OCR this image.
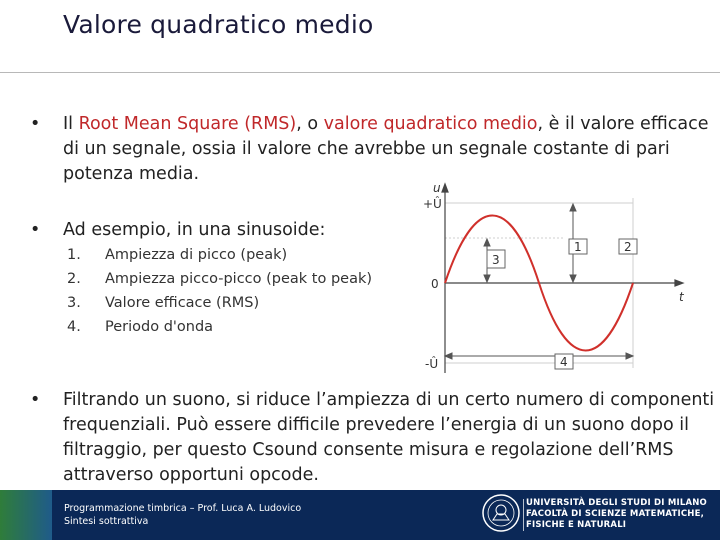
Valore quadratico medio
• Il Root Mean Square (RMS), o valore quadratico medio, è il valore efficace di un segnale, ossia il valore che avrebbe un segnale costante di pari potenza media.
• Ad esempio, in una sinusoide:
1.	Ampiezza di picco (peak)
2.	Ampiezza picco-picco (peak to peak)
3.	Valore efficace (RMS)
4.	Periodo d'onda
u
t
+Û
0
-Û
1	2
3
4
• Filtrando un suono, si riduce l’ampiezza di un certo numero di componenti frequenziali. Può essere difficile prevedere l’energia di un suono dopo il filtraggio, per questo Csound consente misura e regolazione dell’RMS attraverso opportuni opcode.
Programmazione timbrica – Prof. Luca A. Ludovico
Sintesi sottrattiva
UNIVERSITÀ DEGLI STUDI DI MILANO
FACOLTÀ DI SCIENZE MATEMATICHE,
FISICHE E NATURALI
